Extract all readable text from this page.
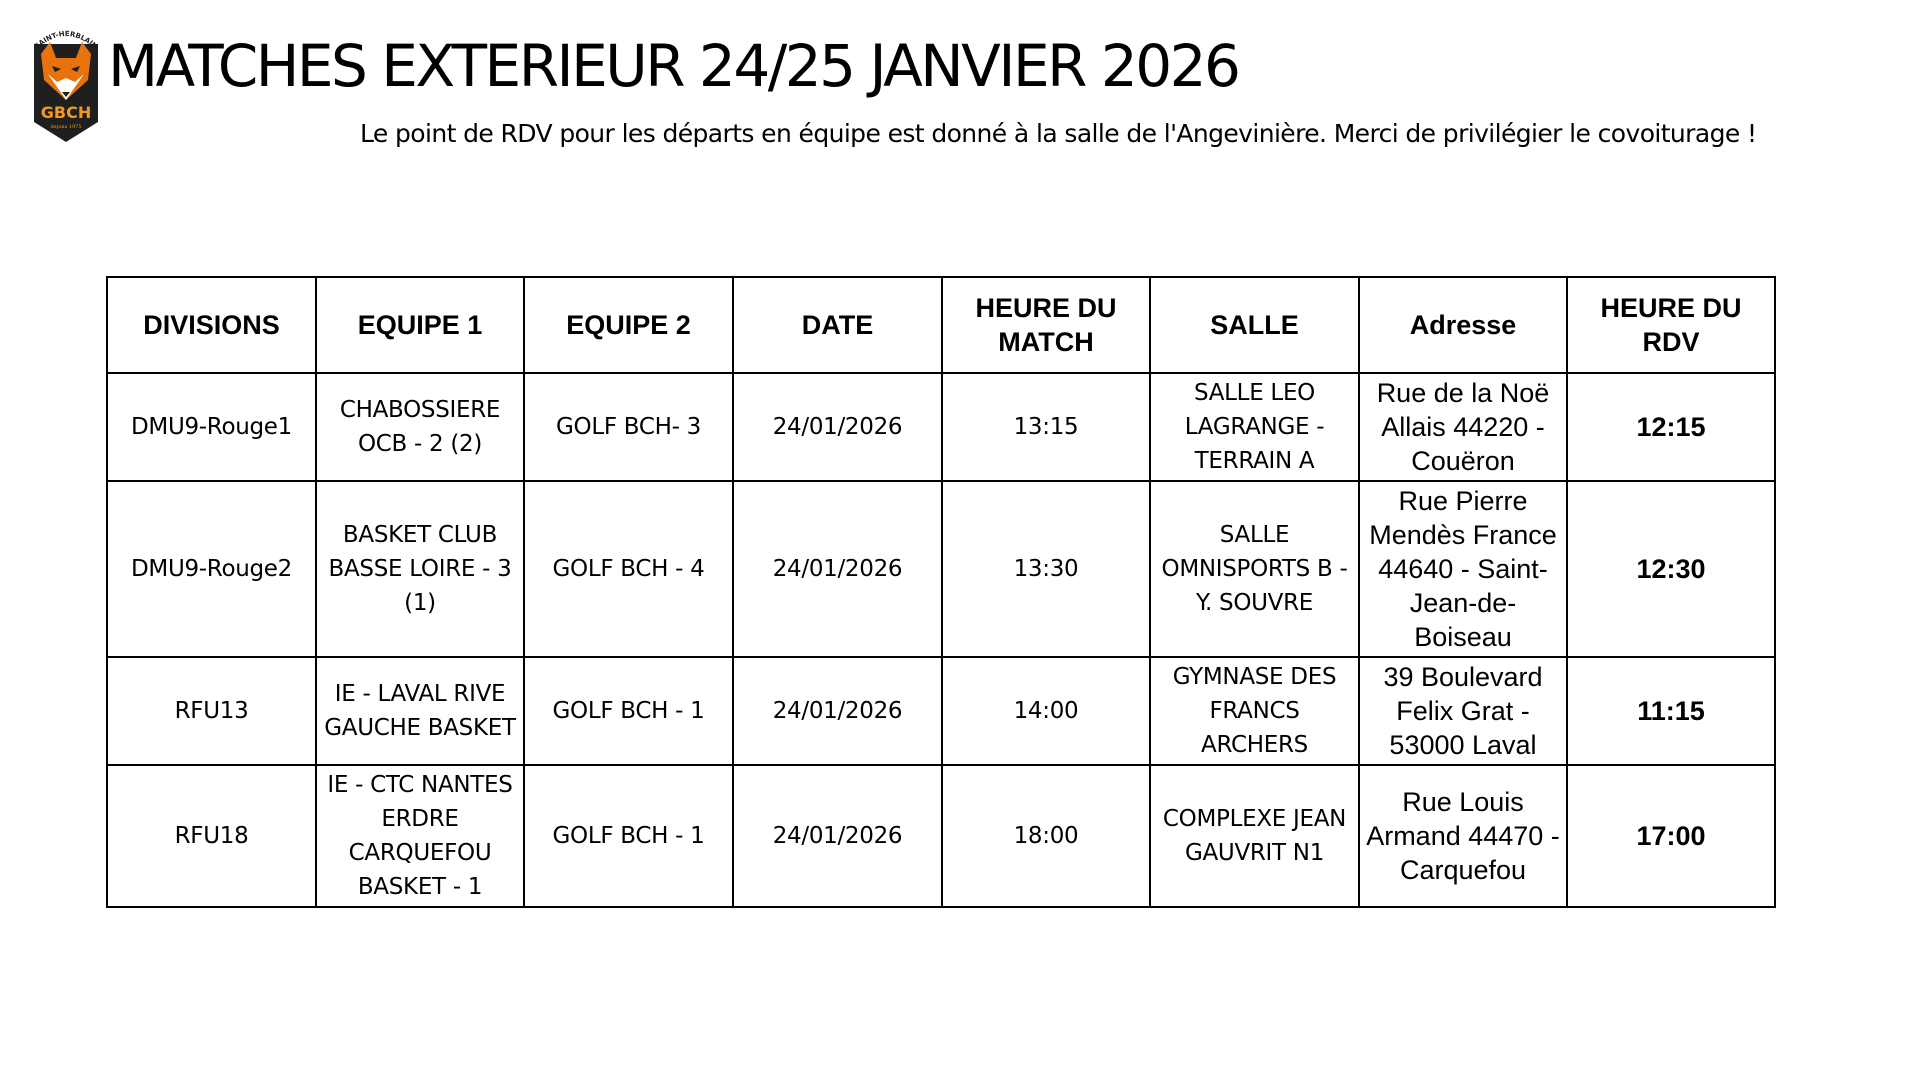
SAINT-HERBLAIN
GBCH
depuis 1975
MATCHES EXTERIEUR 24/25 JANVIER 2026

Le point de RDV pour les départs en équipe est donné à la salle de l'Angevinière. Merci de privilégier le covoiturage !

DIVISIONS	EQUIPE 1	EQUIPE 2	DATE	HEURE DU MATCH	SALLE	Adresse	HEURE DU RDV
DMU9-Rouge1	CHABOSSIERE OCB - 2 (2)	GOLF BCH- 3	24/01/2026	13:15	SALLE LEO LAGRANGE - TERRAIN A	Rue de la Noë Allais 44220 - Couëron	12:15
DMU9-Rouge2	BASKET CLUB BASSE LOIRE - 3 (1)	GOLF BCH - 4	24/01/2026	13:30	SALLE OMNISPORTS B - Y. SOUVRE	Rue Pierre Mendès France 44640 - Saint-Jean-de-Boiseau	12:30
RFU13	IE - LAVAL RIVE GAUCHE BASKET	GOLF BCH - 1	24/01/2026	14:00	GYMNASE DES FRANCS ARCHERS	39 Boulevard Felix Grat - 53000 Laval	11:15
RFU18	IE - CTC NANTES ERDRE CARQUEFOU BASKET - 1	GOLF BCH - 1	24/01/2026	18:00	COMPLEXE JEAN GAUVRIT N1	Rue Louis Armand 44470 - Carquefou	17:00
